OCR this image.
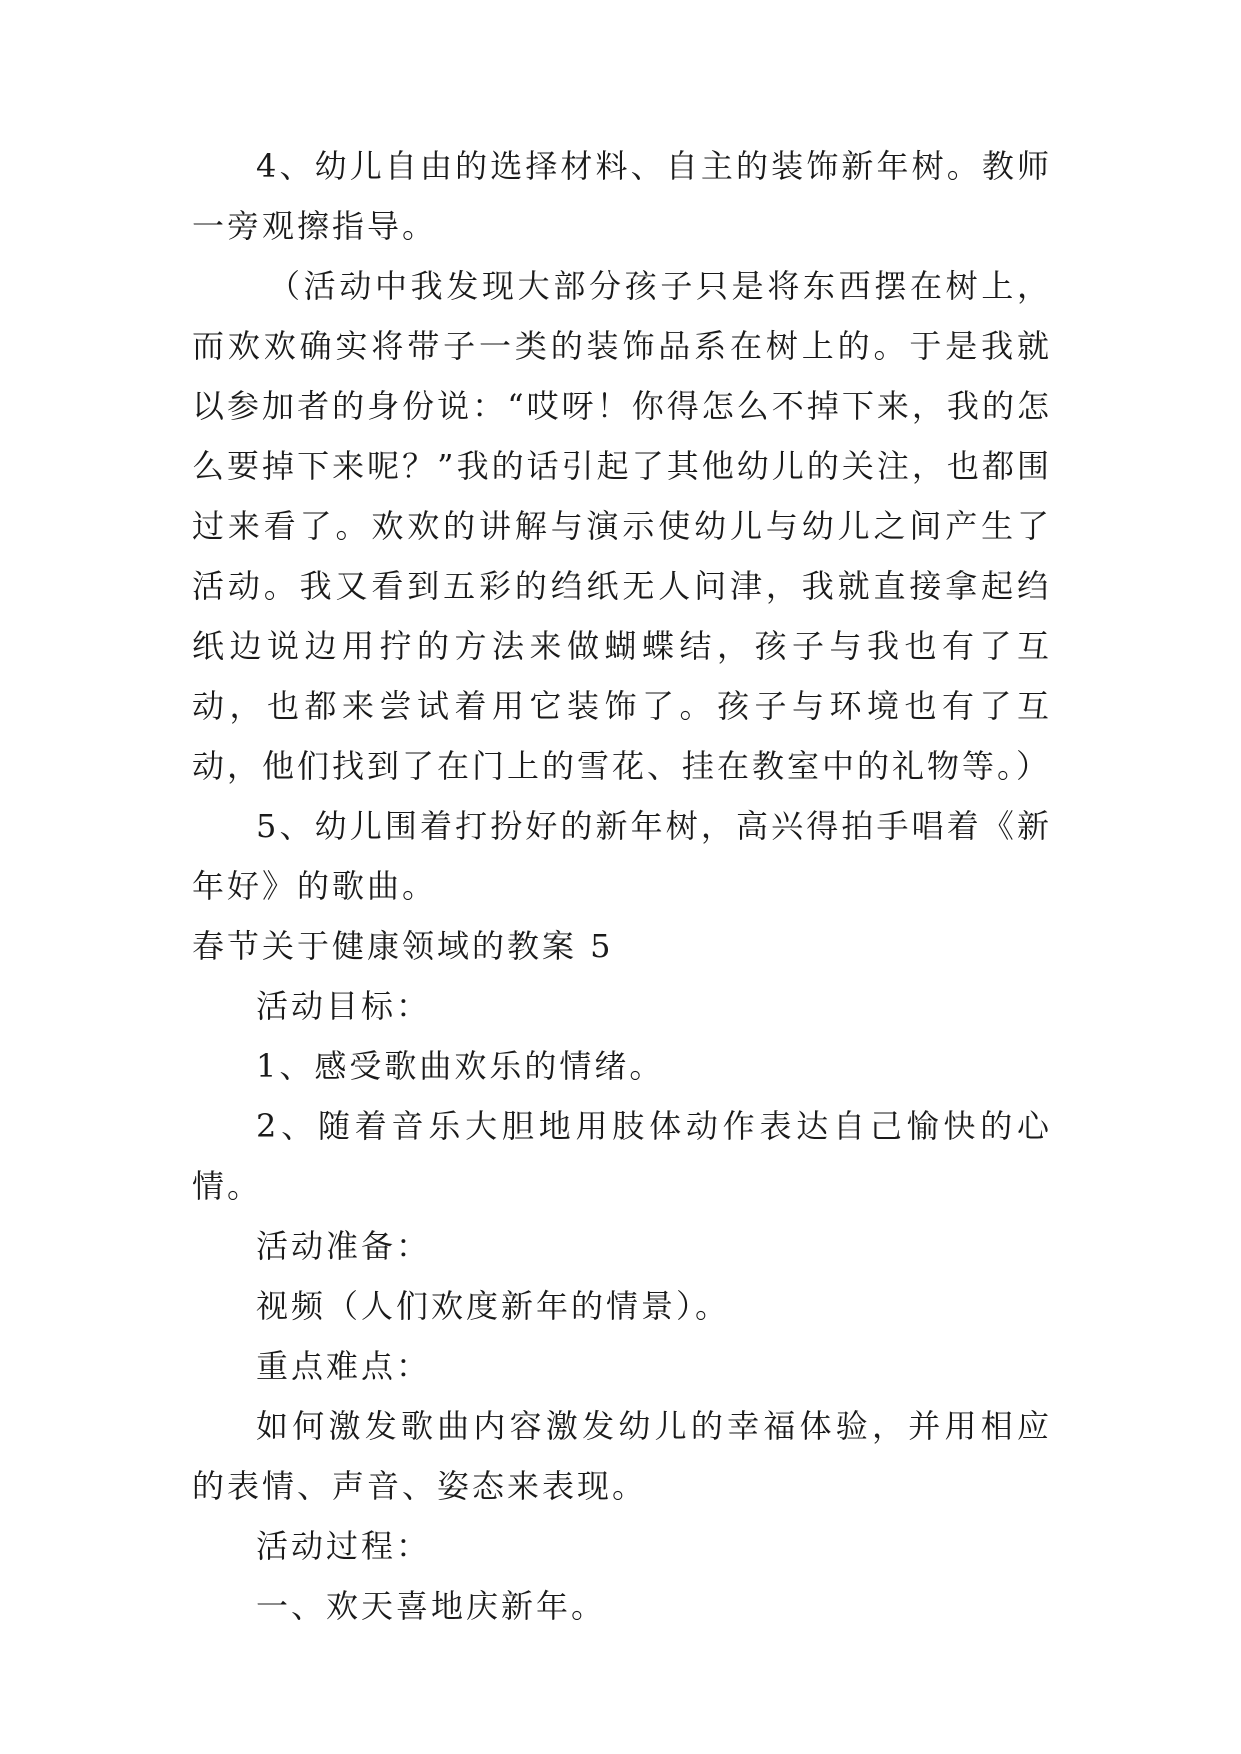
4、幼儿自由的选择材料、自主的装饰新年树。教师一旁观擦指导。

（活动中我发现大部分孩子只是将东西摆在树上，而欢欢确实将带子一类的装饰品系在树上的。于是我就以参加者的身份说：“哎呀！你得怎么不掉下来，我的怎么要掉下来呢？”我的话引起了其他幼儿的关注，也都围过来看了。欢欢的讲解与演示使幼儿与幼儿之间产生了活动。我又看到五彩的绉纸无人问津，我就直接拿起绉纸边说边用拧的方法来做蝴蝶结，孩子与我也有了互动，也都来尝试着用它装饰了。孩子与环境也有了互动，他们找到了在门上的雪花、挂在教室中的礼物等。）

5、幼儿围着打扮好的新年树，高兴得拍手唱着《新年好》的歌曲。

春节关于健康领域的教案 5

活动目标：

1、感受歌曲欢乐的情绪。

2、随着音乐大胆地用肢体动作表达自己愉快的心情。

活动准备：

视频（人们欢度新年的情景）。

重点难点：

如何激发歌曲内容激发幼儿的幸福体验，并用相应的表情、声音、姿态来表现。

活动过程：

一、欢天喜地庆新年。
